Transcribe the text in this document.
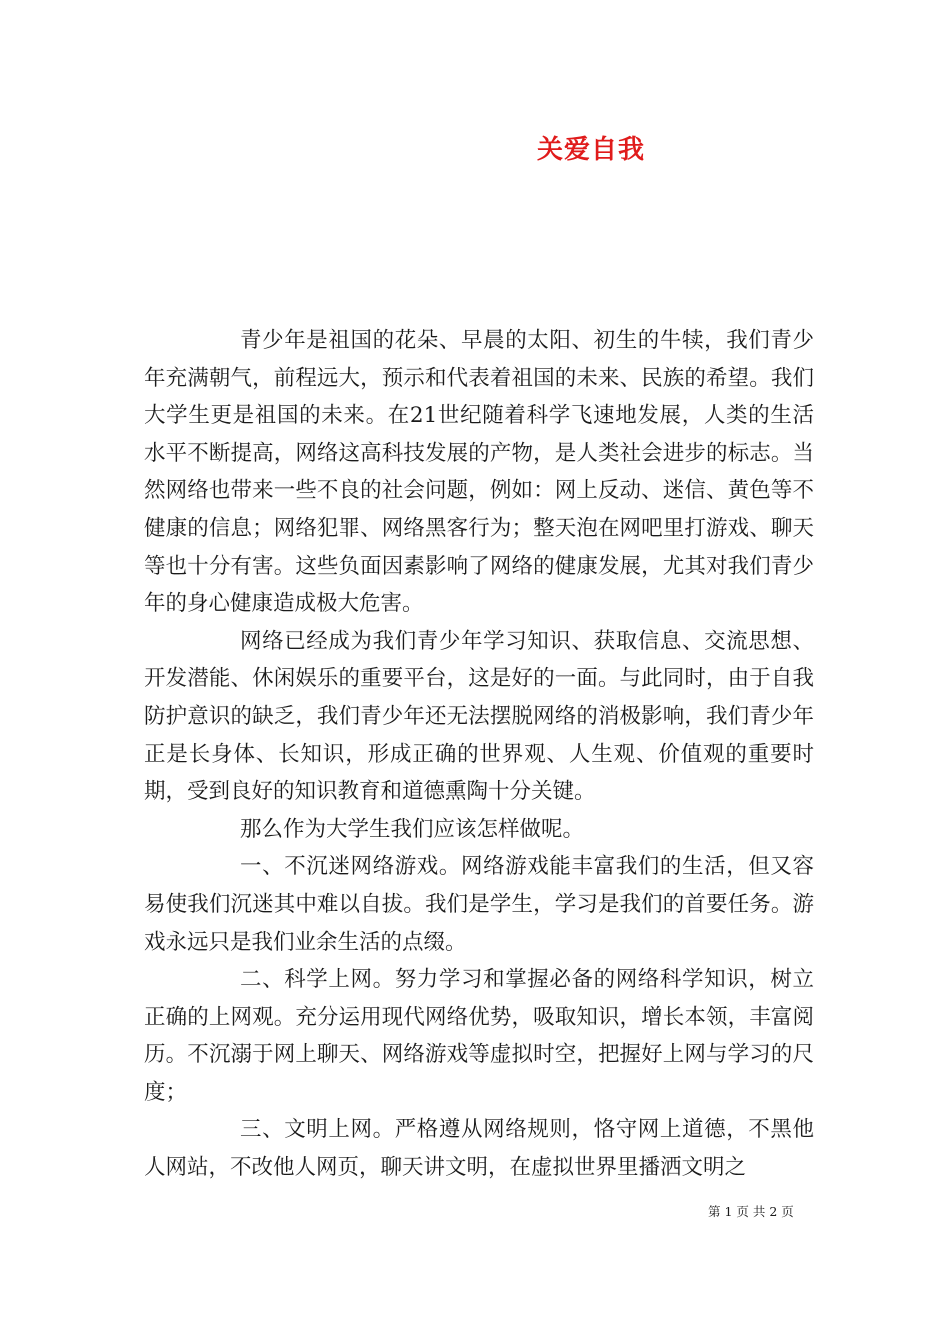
关爱自我

青少年是祖国的花朵、早晨的太阳、初生的牛犊，我们青少年充满朝气，前程远大，预示和代表着祖国的未来、民族的希望。我们大学生更是祖国的未来。在21世纪随着科学飞速地发展，人类的生活水平不断提高，网络这高科技发展的产物，是人类社会进步的标志。当然网络也带来一些不良的社会问题，例如：网上反动、迷信、黄色等不健康的信息；网络犯罪、网络黑客行为；整天泡在网吧里打游戏、聊天等也十分有害。这些负面因素影响了网络的健康发展，尤其对我们青少年的身心健康造成极大危害。

网络已经成为我们青少年学习知识、获取信息、交流思想、开发潜能、休闲娱乐的重要平台，这是好的一面。与此同时，由于自我防护意识的缺乏，我们青少年还无法摆脱网络的消极影响，我们青少年正是长身体、长知识，形成正确的世界观、人生观、价值观的重要时期，受到良好的知识教育和道德熏陶十分关键。

那么作为大学生我们应该怎样做呢。

一、不沉迷网络游戏。网络游戏能丰富我们的生活，但又容易使我们沉迷其中难以自拔。我们是学生，学习是我们的首要任务。游戏永远只是我们业余生活的点缀。

二、科学上网。努力学习和掌握必备的网络科学知识，树立正确的上网观。充分运用现代网络优势，吸取知识，增长本领，丰富阅历。不沉溺于网上聊天、网络游戏等虚拟时空，把握好上网与学习的尺度；

三、文明上网。严格遵从网络规则，恪守网上道德，不黑他人网站，不改他人网页，聊天讲文明，在虚拟世界里播洒文明之

第 1 页 共 2 页
